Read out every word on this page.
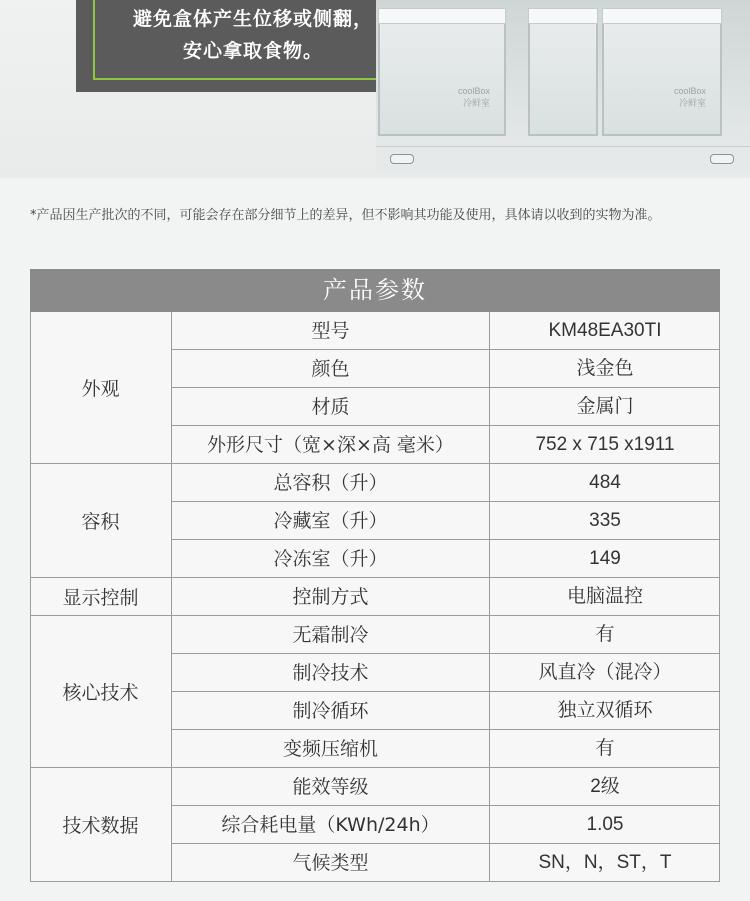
避免盒体产生位移或侧翻，
安心拿取食物。
coolBox
冷鲜室
coolBox
冷鲜室
*产品因生产批次的不同，可能会存在部分细节上的差异，但不影响其功能及使用，具体请以收到的实物为准。
产品参数
外观
型号	KM48EA30TI
颜色	浅金色
材质	金属门
外形尺寸（宽×深×高 毫米）	752 x 715 x1911
容积
总容积（升）	484
冷藏室（升）	335
冷冻室（升）	149
显示控制	控制方式	电脑温控
核心技术
无霜制冷	有
制冷技术	风直冷（混冷）
制冷循环	独立双循环
变频压缩机	有
技术数据
能效等级	2级
综合耗电量（KWh/24h）	1.05
气候类型	SN，N，ST，T
